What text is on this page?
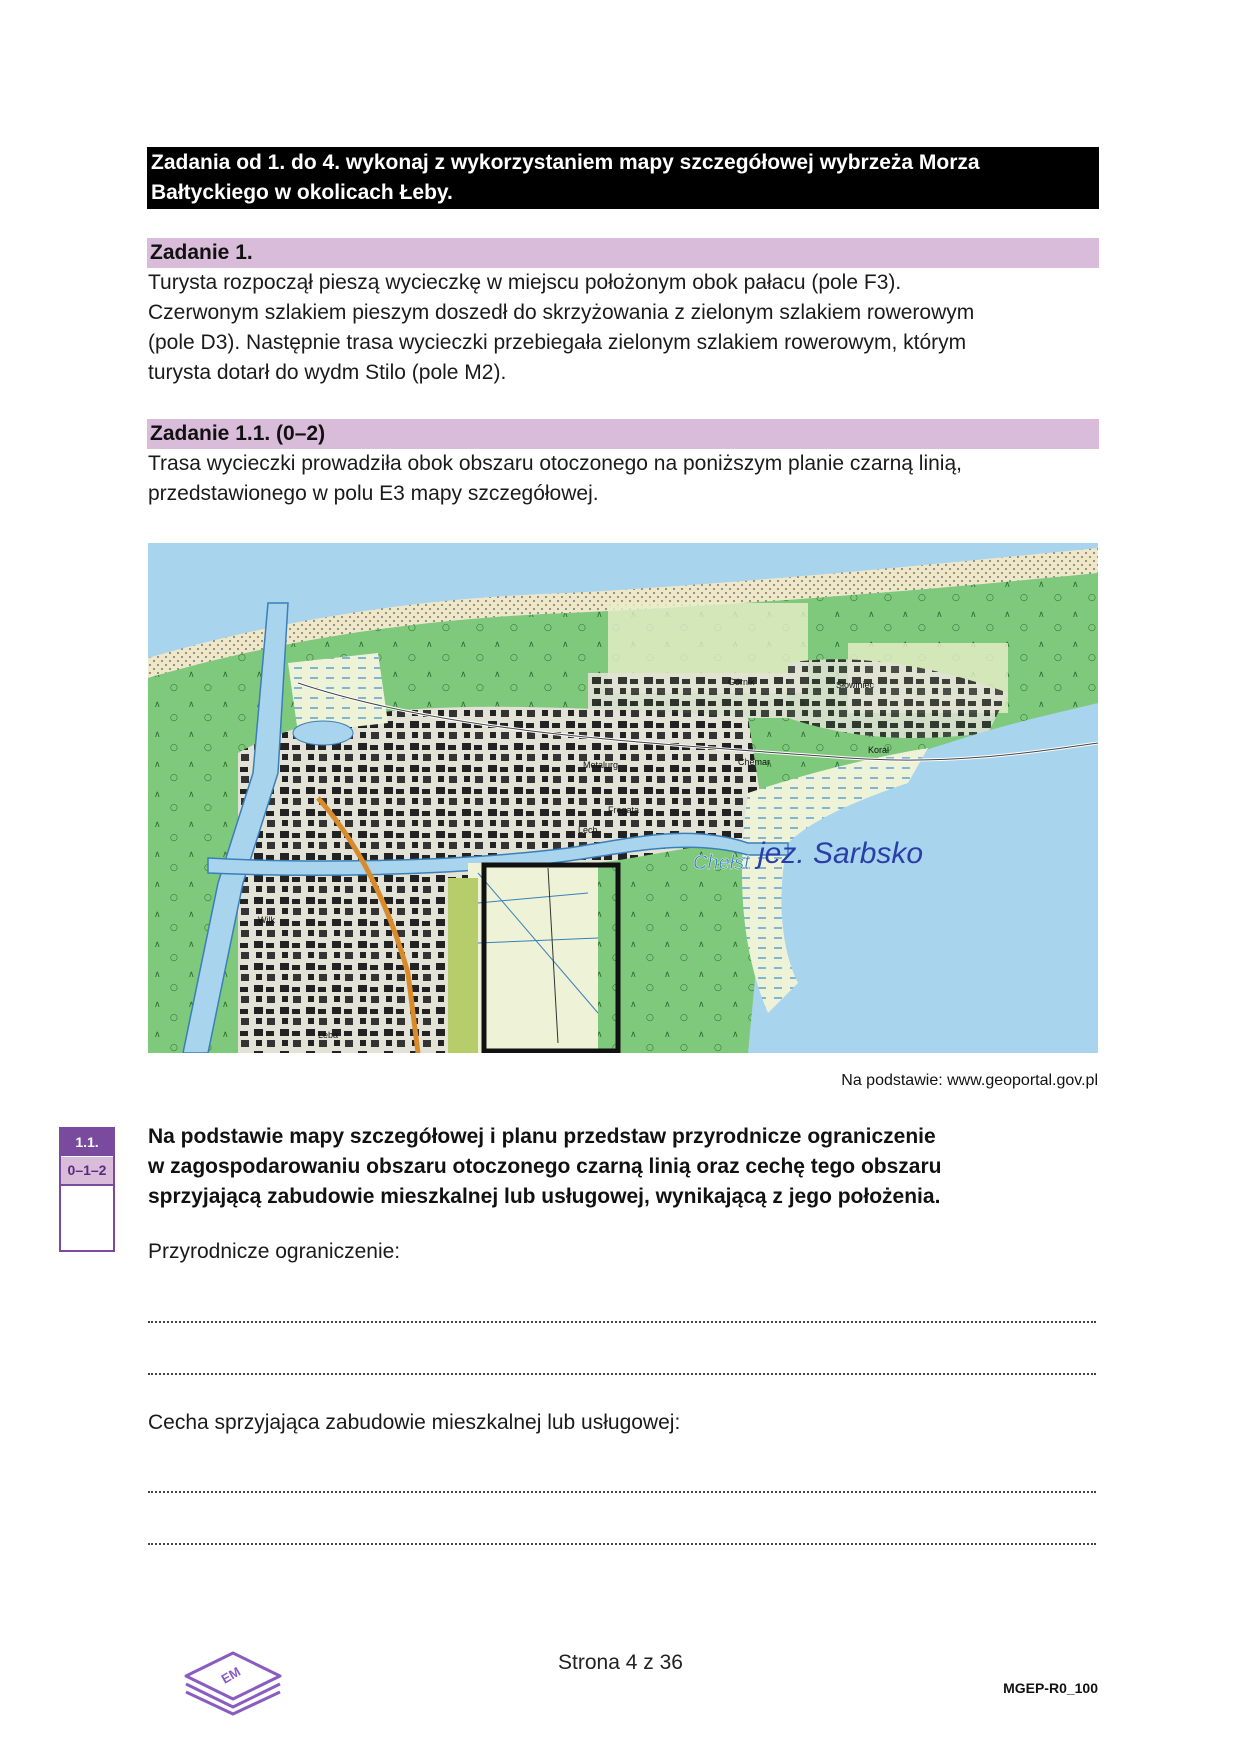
Zadania od 1. do 4. wykonaj z wykorzystaniem mapy szczegółowej wybrzeża Morza
Bałtyckiego w okolicach Łeby.
Zadanie 1.
Turysta rozpoczął pieszą wycieczkę w miejscu położonym obok pałacu (pole F3).
Czerwonym szlakiem pieszym doszedł do skrzyżowania z zielonym szlakiem rowerowym
(pole D3). Następnie trasa wycieczki przebiegała zielonym szlakiem rowerowym, którym
turysta dotarł do wydm Stilo (pole M2).
Zadanie 1.1. (0–2)
Trasa wycieczki prowadziła obok obszaru otoczonego na poniższym planie czarną linią,
przedstawionego w polu E3 mapy szczegółowej.
jez. Sarbsko
Chełst
Górnik	Słowiniec
Chemar
Koral
Metalurg
Fregata
Lech
Wilk
Łeba
Na podstawie: www.geoportal.gov.pl
1.1.
0–1–2
Na podstawie mapy szczegółowej i planu przedstaw przyrodnicze ograniczenie
w zagospodarowaniu obszaru otoczonego czarną linią oraz cechę tego obszaru
sprzyjającą zabudowie mieszkalnej lub usługowej, wynikającą z jego położenia.
Przyrodnicze ograniczenie:
Cecha sprzyjająca zabudowie mieszkalnej lub usługowej:
EM
Strona 4 z 36
MGEP-R0_100
